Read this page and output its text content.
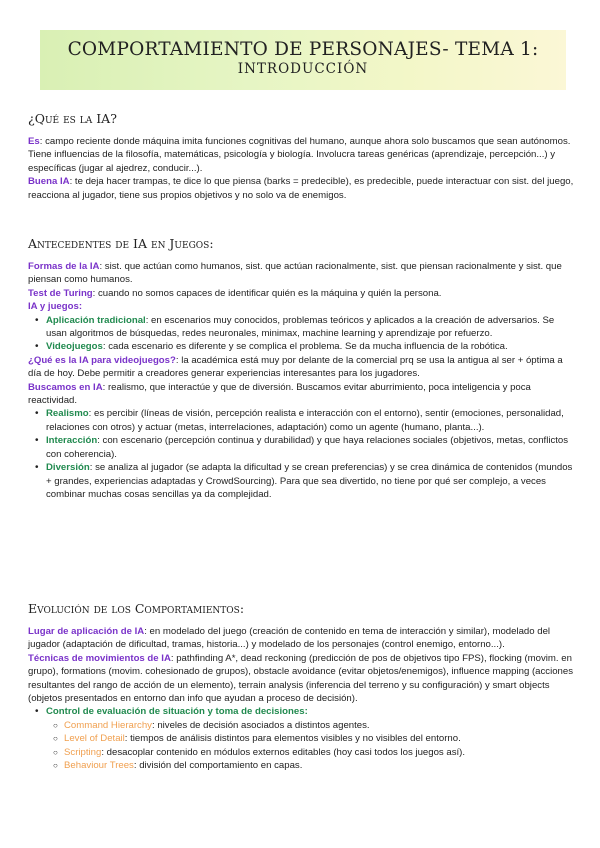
COMPORTAMIENTO DE PERSONAJES- TEMA 1:
INTRODUCCIÓN
¿Qué es la IA?
Es: campo reciente donde máquina imita funciones cognitivas del humano, aunque ahora solo buscamos que sean autónomos. Tiene influencias de la filosofía, matemáticas, psicología y biología. Involucra tareas genéricas (aprendizaje, percepción...) y específicas (jugar al ajedrez, conducir...).
Buena IA: te deja hacer trampas, te dice lo que piensa (barks = predecible), es predecible, puede interactuar con sist. del juego, reacciona al jugador, tiene sus propios objetivos y no solo va de enemigos.
Antecedentes de IA en Juegos:
Formas de la IA: sist. que actúan como humanos, sist. que actúan racionalmente, sist. que piensan racionalmente y sist. que piensan como humanos.
Test de Turing: cuando no somos capaces de identificar quién es la máquina y quién la persona.
IA y juegos:
• Aplicación tradicional: en escenarios muy conocidos, problemas teóricos y aplicados a la creación de adversarios. Se usan algoritmos de búsquedas, redes neuronales, minimax, machine learning y aprendizaje por refuerzo.
• Videojuegos: cada escenario es diferente y se complica el problema. Se da mucha influencia de la robótica.
¿Qué es la IA para videojuegos?: la académica está muy por delante de la comercial prq se usa la antigua al ser + óptima a día de hoy. Debe permitir a creadores generar experiencias interesantes para los jugadores.
Buscamos en IA: realismo, que interactúe y que de diversión. Buscamos evitar aburrimiento, poca inteligencia y poca reactividad.
• Realismo: es percibir (líneas de visión, percepción realista e interacción con el entorno), sentir (emociones, personalidad, relaciones con otros) y actuar (metas, interrelaciones, adaptación) como un agente (humano, planta...).
• Interacción: con escenario (percepción continua y durabilidad) y que haya relaciones sociales (objetivos, metas, conflictos con coherencia).
• Diversión: se analiza al jugador (se adapta la dificultad y se crean preferencias) y se crea dinámica de contenidos (mundos + grandes, experiencias adaptadas y CrowdSourcing). Para que sea divertido, no tiene por qué ser complejo, a veces combinar muchas cosas sencillas ya da complejidad.
Evolución de los Comportamientos:
Lugar de aplicación de IA: en modelado del juego (creación de contenido en tema de interacción y similar), modelado del jugador (adaptación de dificultad, tramas, historia...) y modelado de los personajes (control enemigo, entorno...).
Técnicas de movimientos de IA: pathfinding A*, dead reckoning (predicción de pos de objetivos tipo FPS), flocking (movim. en grupo), formations (movim. cohesionado de grupos), obstacle avoidance (evitar objetos/enemigos), influence mapping (acciones resultantes del rango de acción de un elemento), terrain analysis (inferencia del terreno y su configuración) y smart objects (objetos presentados en entorno dan info que ayudan a proceso de decisión).
• Control de evaluación de situación y toma de decisiones:
○ Command Hierarchy: niveles de decisión asociados a distintos agentes.
○ Level of Detail: tiempos de análisis distintos para elementos visibles y no visibles del entorno.
○ Scripting: desacoplar contenido en módulos externos editables (hoy casi todos los juegos así).
○ Behaviour Trees: división del comportamiento en capas.
